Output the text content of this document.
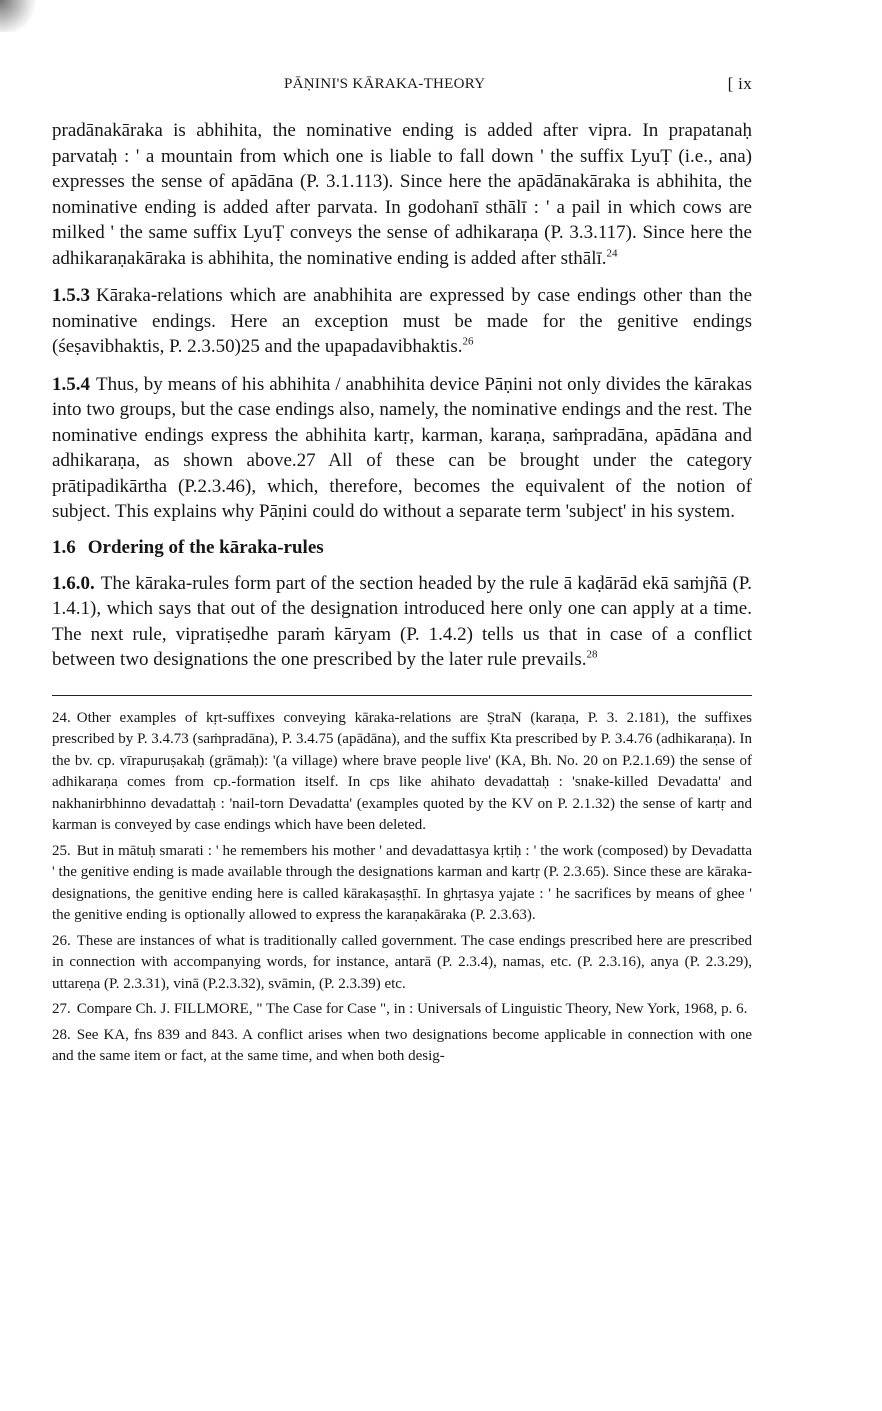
PĀṆINI'S KĀRAKA-THEORY	[ ix

pradānakāraka is abhihita, the nominative ending is added after vipra. In prapatanaḥ parvataḥ : ' a mountain from which one is liable to fall down ' the suffix LyuṬ (i.e., ana) expresses the sense of apādāna (P. 3.1.113). Since here the apādānakāraka is abhihita, the nominative ending is added after parvata. In godohanī sthālī : ' a pail in which cows are milked ' the same suffix LyuṬ conveys the sense of adhikaraṇa (P. 3.3.117). Since here the adhikaraṇakāraka is abhihita, the nominative ending is added after sthālī.$^{24}$

1.5.3 Kāraka-relations which are anabhihita are expressed by case endings other than the nominative endings. Here an exception must be made for the genitive endings (śeṣavibhaktis, P. 2.3.50)25 and the upapadavibhaktis.$^{26}$

1.5.4 Thus, by means of his abhihita / anabhihita device Pāṇini not only divides the kārakas into two groups, but the case endings also, namely, the nominative endings and the rest. The nominative endings express the abhihita kartṛ, karman, karaṇa, saṁpradāna, apādāna and adhikaraṇa, as shown above.27 All of these can be brought under the category prātipadikārtha (P.2.3.46), which, therefore, becomes the equivalent of the notion of subject. This explains why Pāṇini could do without a separate term 'subject' in his system.

1.6 Ordering of the kāraka-rules

1.6.0. The kāraka-rules form part of the section headed by the rule ā kaḍārād ekā saṁjñā (P. 1.4.1), which says that out of the designation introduced here only one can apply at a time. The next rule, vipratiṣedhe paraṁ kāryam (P. 1.4.2) tells us that in case of a conflict between two designations the one prescribed by the later rule prevails.$^{28}$

24. Other examples of kṛt-suffixes conveying kāraka-relations are ṢtraN (karaṇa, P. 3. 2.181), the suffixes prescribed by P. 3.4.73 (saṁpradāna), P. 3.4.75 (apādāna), and the suffix Kta prescribed by P. 3.4.76 (adhikaraṇa). In the bv. cp. vīrapuruṣakaḥ (grāmaḥ): '(a village) where brave people live' (KA, Bh. No. 20 on P.2.1.69) the sense of adhikaraṇa comes from cp.-formation itself. In cps like ahihato devadattaḥ : 'snake-killed Devadatta' and nakhanirbhinno devadattaḥ : 'nail-torn Devadatta' (examples quoted by the KV on P. 2.1.32) the sense of kartṛ and karman is conveyed by case endings which have been deleted.

25. But in mātuḥ smarati : ' he remembers his mother ' and devadattasya kṛtiḥ : ' the work (composed) by Devadatta ' the genitive ending is made available through the designations karman and kartṛ (P. 2.3.65). Since these are kāraka-designations, the genitive ending here is called kārakaṣaṣṭhī. In ghṛtasya yajate : ' he sacrifices by means of ghee ' the genitive ending is optionally allowed to express the karaṇakāraka (P. 2.3.63).

26. These are instances of what is traditionally called government. The case endings prescribed here are prescribed in connection with accompanying words, for instance, antarā (P. 2.3.4), namas, etc. (P. 2.3.16), anya (P. 2.3.29), uttareṇa (P. 2.3.31), vinā (P.2.3.32), svāmin, (P. 2.3.39) etc.

27. Compare Ch. J. FILLMORE, " The Case for Case ", in : Universals of Linguistic Theory, New York, 1968, p. 6.

28. See KA, fns 839 and 843. A conflict arises when two designations become applicable in connection with one and the same item or fact, at the same time, and when both desig-
